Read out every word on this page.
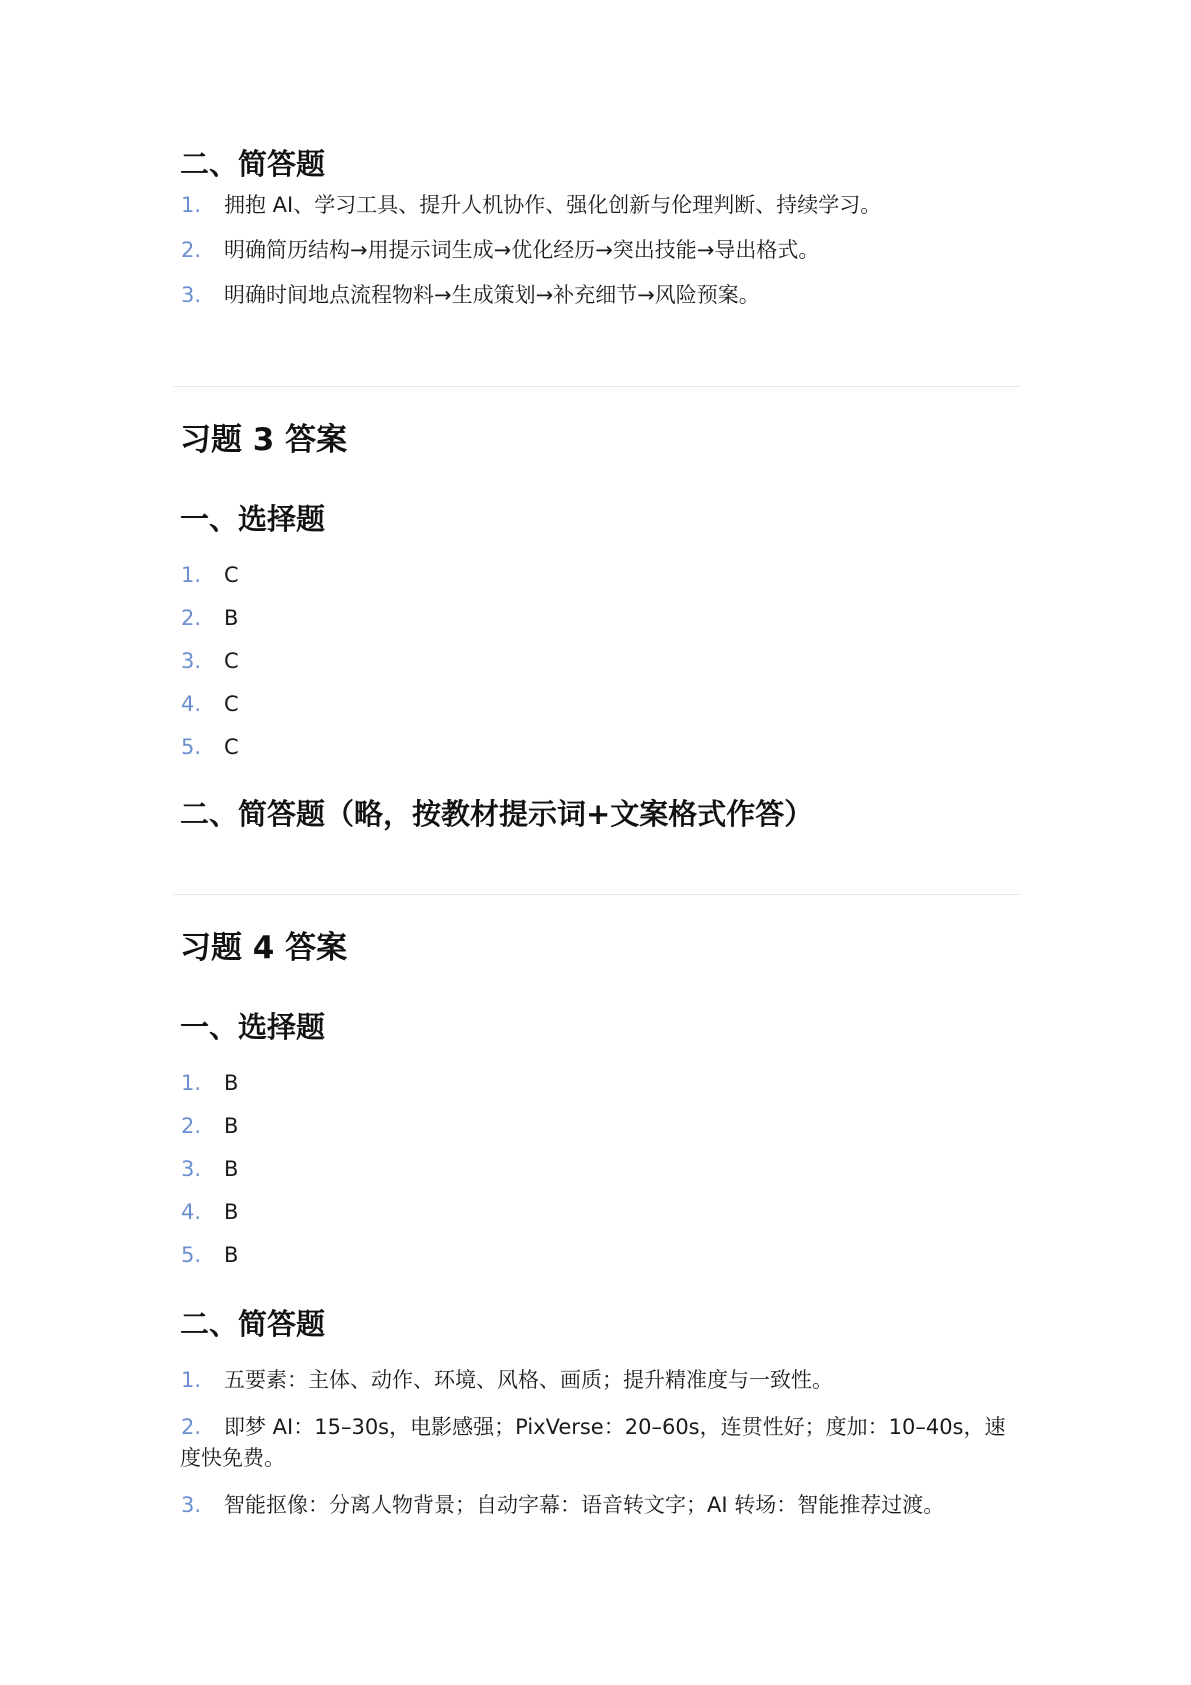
二、简答题
1.	拥抱 AI、学习工具、提升人机协作、强化创新与伦理判断、持续学习。
2.	明确简历结构→用提示词生成→优化经历→突出技能→导出格式。
3.	明确时间地点流程物料→生成策划→补充细节→风险预案。
习题 3 答案
一、选择题
1.	C
2.	B
3.	C
4.	C
5.	C
二、简答题（略，按教材提示词+文案格式作答）
习题 4 答案
一、选择题
1.	B
2.	B
3.	B
4.	B
5.	B
二、简答题
1.	五要素：主体、动作、环境、风格、画质；提升精准度与一致性。
2.	即梦 AI：15–30s，电影感强；PixVerse：20–60s，连贯性好；度加：10–40s，速度快免费。
3.	智能抠像：分离人物背景；自动字幕：语音转文字；AI 转场：智能推荐过渡。
